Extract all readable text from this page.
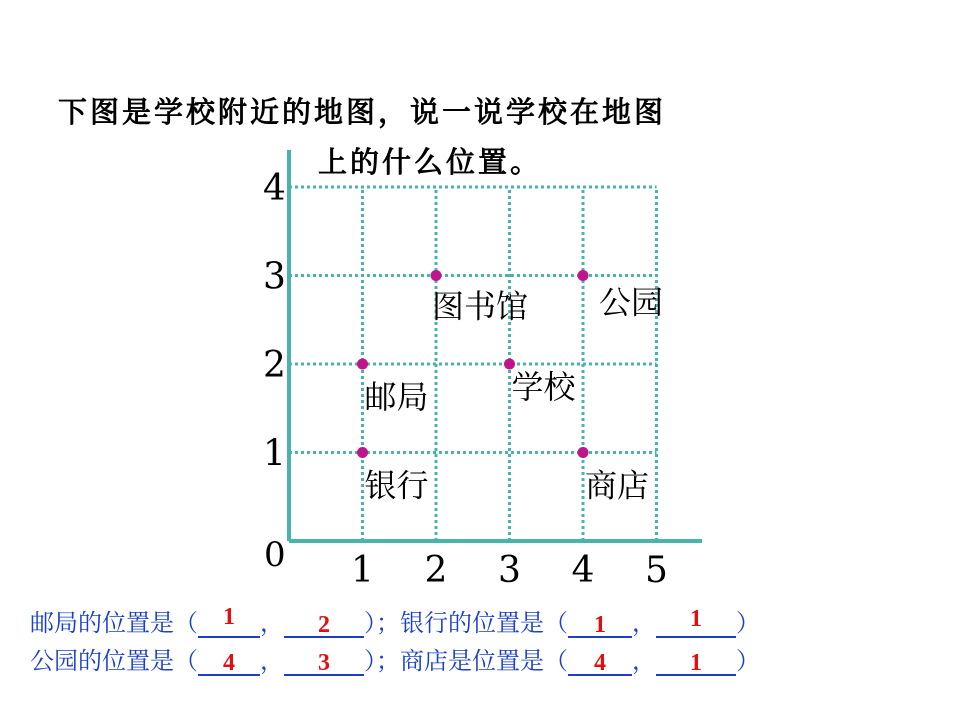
下图是学校附近的地图，说一说学校在地图
上的什么位置。
0 1 2 3 4 5
1
2
3
4
图书馆 公园
邮局	学校
银行	商店
邮局的位置是（	1	，	2	）；银行的位置是（	1	，	1	）
公园的位置是（	4	，	3	）；商店是位置是（	4	，	1	）
